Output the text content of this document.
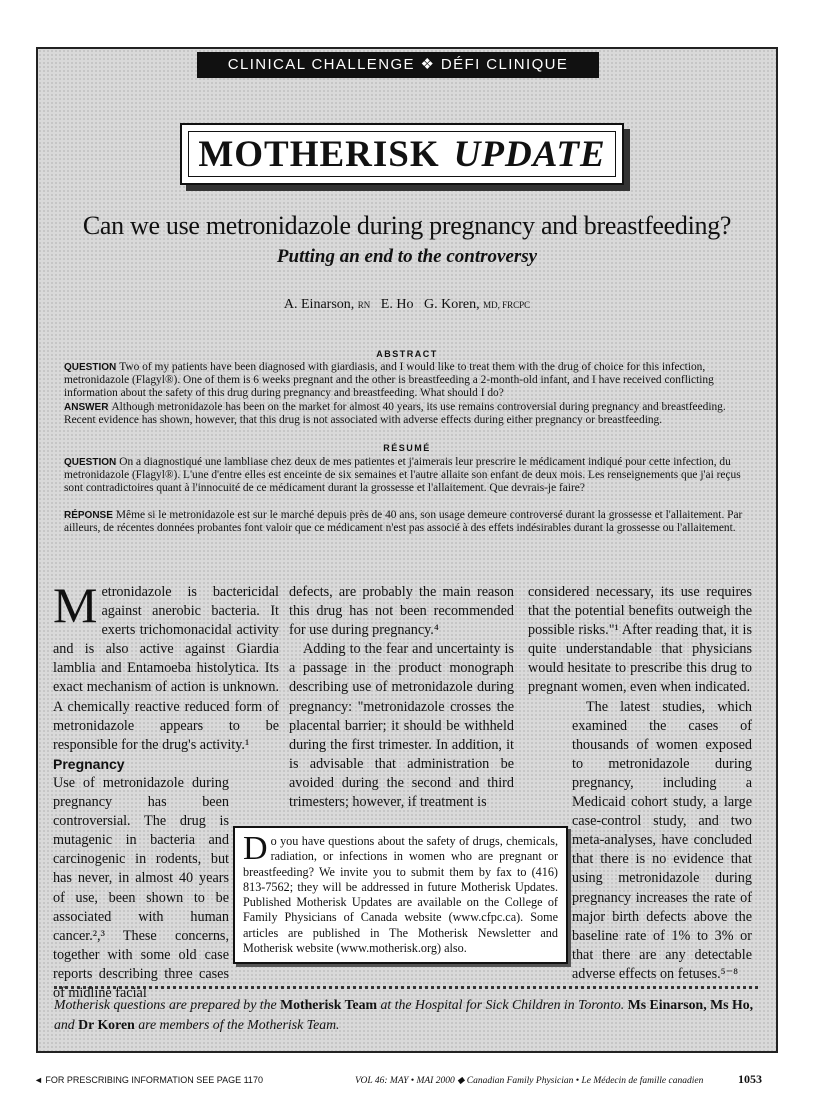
CLINICAL CHALLENGE ❖ DÉFI CLINIQUE
MOTHERISK UPDATE
Can we use metronidazole during pregnancy and breastfeeding?
Putting an end to the controversy
A. Einarson, RN E. Ho G. Koren, MD, FRCPC
ABSTRACT
QUESTION Two of my patients have been diagnosed with giardiasis, and I would like to treat them with the drug of choice for this infection, metronidazole (Flagyl®). One of them is 6 weeks pregnant and the other is breastfeeding a 2-month-old infant, and I have received conflicting information about the safety of this drug during pregnancy and breastfeeding. What should I do?
ANSWER Although metronidazole has been on the market for almost 40 years, its use remains controversial during pregnancy and breastfeeding. Recent evidence has shown, however, that this drug is not associated with adverse effects during either pregnancy or breastfeeding.
RÉSUMÉ
QUESTION On a diagnostiqué une lambliase chez deux de mes patientes et j'aimerais leur prescrire le médicament indiqué pour cette infection, du metronidazole (Flagyl®). L'une d'entre elles est enceinte de six semaines et l'autre allaite son enfant de deux mois. Les renseignements que j'ai reçus sont contradictoires quant à l'innocuité de ce médicament durant la grossesse et l'allaitement. Que devrais-je faire?
RÉPONSE Même si le metronidazole est sur le marché depuis près de 40 ans, son usage demeure controversé durant la grossesse et l'allaitement. Par ailleurs, de récentes données probantes font valoir que ce médicament n'est pas associé à des effets indésirables durant la grossesse ou l'allaitement.

Metronidazole is bactericidal against anerobic bacteria. It exerts trichomonacidal activity and is also active against Giardia lamblia and Entamoeba histolytica. Its exact mechanism of action is unknown. A chemically reactive reduced form of metronidazole appears to be responsible for the drug's activity.¹

Pregnancy

Use of metronidazole during pregnancy has been controversial. The drug is mutagenic in bacteria and carcinogenic in rodents, but has never, in almost 40 years of use, been shown to be associated with human cancer.²,³ These concerns, together with some old case reports describing three cases of midline facial

defects, are probably the main reason this drug has not been recommended for use during pregnancy.⁴

Adding to the fear and uncertainty is a passage in the product monograph describing use of metronidazole during pregnancy: "metronidazole crosses the placental barrier; it should be withheld during the first trimester. In addition, it is advisable that administration be avoided during the second and third trimesters; however, if treatment is

considered necessary, its use requires that the potential benefits outweigh the possible risks."¹ After reading that, it is quite understandable that physicians would hesitate to prescribe this drug to pregnant women, even when indicated.

The latest studies, which examined the cases of thousands of women exposed to metronidazole during pregnancy, including a Medicaid cohort study, a large case-control study, and two meta-analyses, have concluded that there is no evidence that using metronidazole during pregnancy increases the rate of major birth defects above the baseline rate of 1% to 3% or that there are any detectable adverse effects on fetuses.⁵⁻⁸

Do you have questions about the safety of drugs, chemicals, radiation, or infections in women who are pregnant or breastfeeding? We invite you to submit them by fax to (416) 813-7562; they will be addressed in future Motherisk Updates. Published Motherisk Updates are available on the College of Family Physicians of Canada website (www.cfpc.ca). Some articles are published in The Motherisk Newsletter and Motherisk website (www.motherisk.org) also.
Motherisk questions are prepared by the Motherisk Team at the Hospital for Sick Children in Toronto. Ms Einarson, Ms Ho, and Dr Koren are members of the Motherisk Team.
◄ FOR PRESCRIBING INFORMATION SEE PAGE 1170	VOL 46: MAY • MAI 2000 ◆ Canadian Family Physician • Le Médecin de famille canadien	1053
